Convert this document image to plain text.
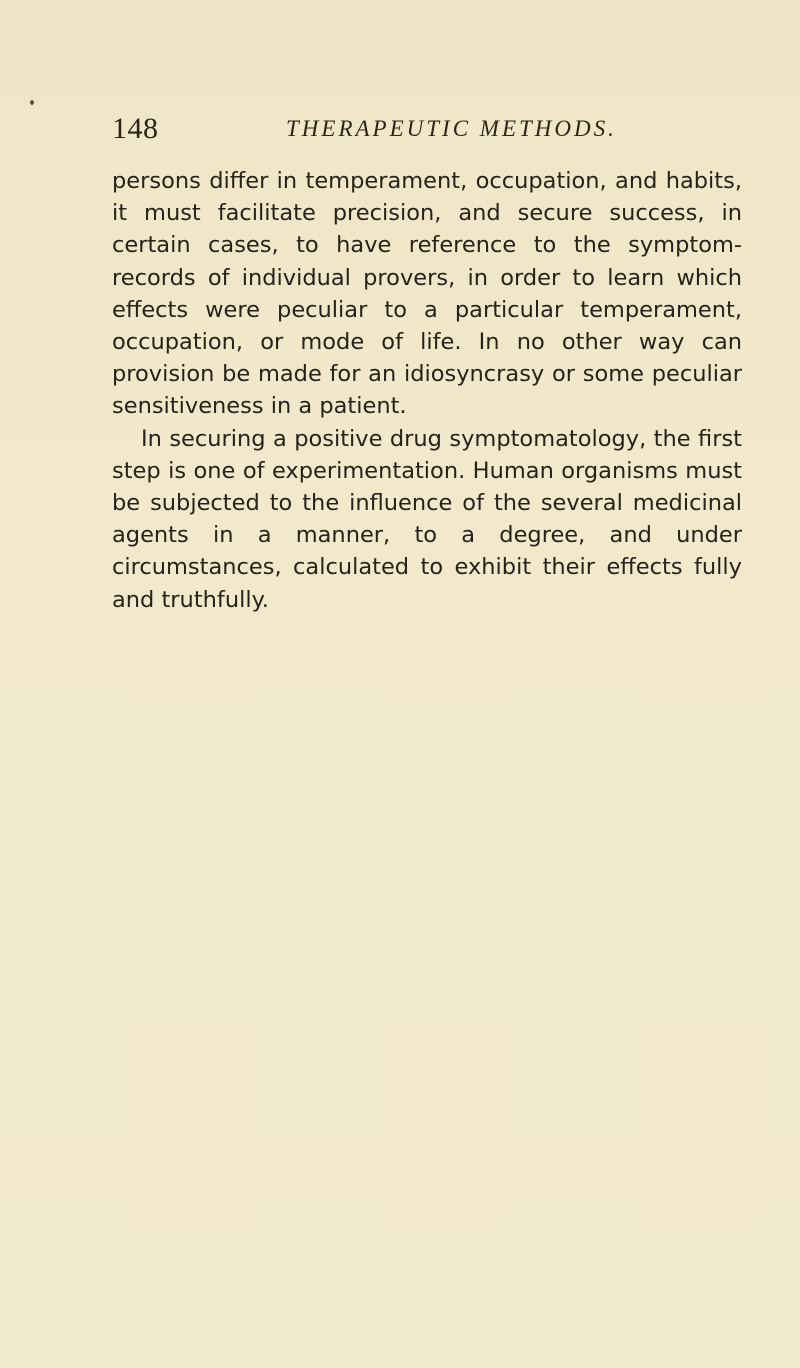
148	THERAPEUTIC METHODS.

persons differ in temperament, occupation, and habits, it must facilitate precision, and secure success, in certain cases, to have reference to the symptom-records of individual provers, in order to learn which effects were peculiar to a particular temperament, occupation, or mode of life. In no other way can provision be made for an idiosyncrasy or some peculiar sensitiveness in a patient.

In securing a positive drug symptomatology, the first step is one of experimentation. Human organisms must be subjected to the influence of the several medicinal agents in a manner, to a degree, and under circumstances, calculated to exhibit their effects fully and truthfully.
